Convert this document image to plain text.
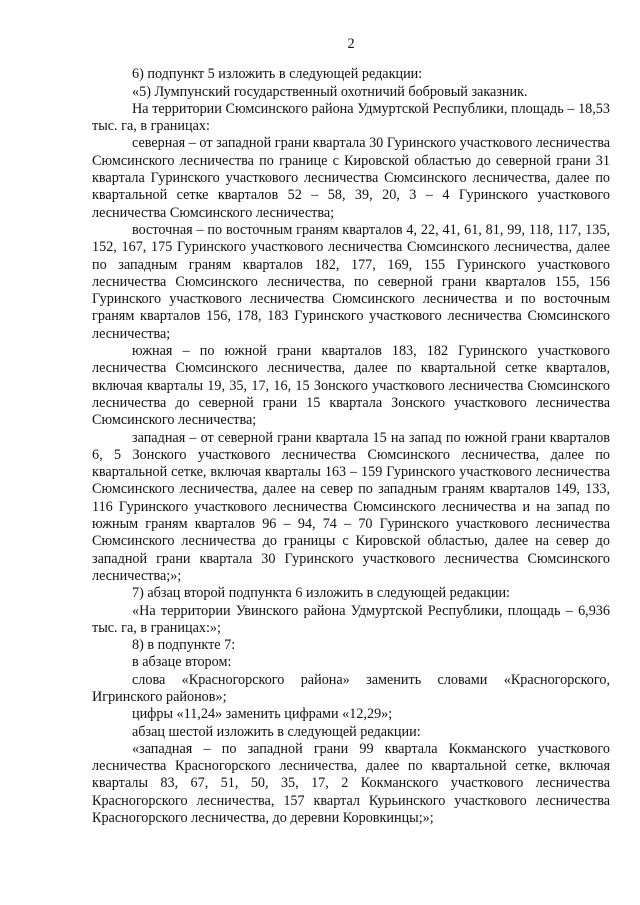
2

6) подпункт 5 изложить в следующей редакции:

«5) Лумпунский государственный охотничий бобровый заказник.

На территории Сюмсинского района Удмуртской Республики, площадь – 18,53 тыс. га, в границах:

северная – от западной грани квартала 30 Гуринского участкового лесничества Сюмсинского лесничества по границе с Кировской областью до северной грани 31 квартала Гуринского участкового лесничества Сюмсинского лесничества, далее по квартальной сетке кварталов 52 – 58, 39, 20, 3 – 4 Гуринского участкового лесничества Сюмсинского лесничества;

восточная – по восточным граням кварталов 4, 22, 41, 61, 81, 99, 118, 117, 135, 152, 167, 175 Гуринского участкового лесничества Сюмсинского лесничества, далее по западным граням кварталов 182, 177, 169, 155 Гуринского участкового лесничества Сюмсинского лесничества, по северной грани кварталов 155, 156 Гуринского участкового лесничества Сюмсинского лесничества и по восточным граням кварталов 156, 178, 183 Гуринского участкового лесничества Сюмсинского лесничества;

южная – по южной грани кварталов 183, 182 Гуринского участкового лесничества Сюмсинского лесничества, далее по квартальной сетке кварталов, включая кварталы 19, 35, 17, 16, 15 Зонского участкового лесничества Сюмсинского лесничества до северной грани 15 квартала Зонского участкового лесничества Сюмсинского лесничества;

западная – от северной грани квартала 15 на запад по южной грани кварталов 6, 5 Зонского участкового лесничества Сюмсинского лесничества, далее по квартальной сетке, включая кварталы 163 – 159 Гуринского участкового лесничества Сюмсинского лесничества, далее на север по западным граням кварталов 149, 133, 116 Гуринского участкового лесничества Сюмсинского лесничества и на запад по южным граням кварталов 96 – 94, 74 – 70 Гуринского участкового лесничества Сюмсинского лесничества до границы с Кировской областью, далее на север до западной грани квартала 30 Гуринского участкового лесничества Сюмсинского лесничества;»;

7) абзац второй подпункта 6 изложить в следующей редакции:

«На территории Увинского района Удмуртской Республики, площадь – 6,936 тыс. га, в границах:»;

8) в подпункте 7:

в абзаце втором:

слова «Красногорского района» заменить словами «Красногорского, Игринского районов»;

цифры «11,24» заменить цифрами «12,29»;

абзац шестой изложить в следующей редакции:

«западная – по западной грани 99 квартала Кокманского участкового лесничества Красногорского лесничества, далее по квартальной сетке, включая кварталы 83, 67, 51, 50, 35, 17, 2 Кокманского участкового лесничества Красногорского лесничества, 157 квартал Курьинского участкового лесничества Красногорского лесничества, до деревни Коровкинцы;»;
